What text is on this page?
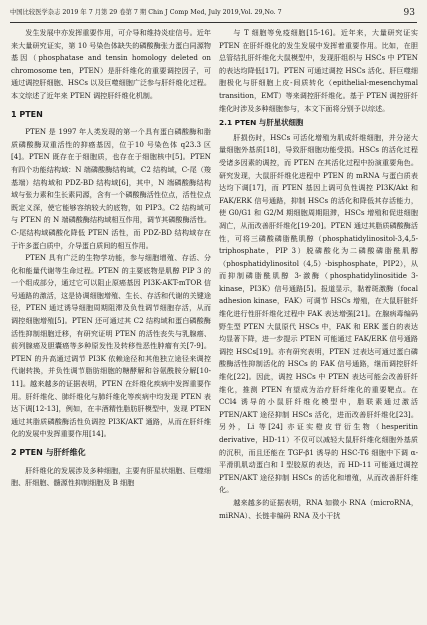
中国比较医学杂志 2019 年 7 月第 29 卷第 7 期 Chin J Comp Med, July 2019,Vol. 29,No. 7	93

发生发展中亦发挥重要作用，可介导和维持炎症信号。近年来大量研究证实，第 10 号染色体缺失的磷酸酶张力蛋白同源物基因（phosphatase and tensin homology deleted on chromosome ten，PTEN）是肝纤维化的重要调控因子，可通过调控肝细胞、HSCs 以及巨噬细胞广泛参与肝纤维化过程。本文综述了近年来 PTEN 调控肝纤维化机制。

1 PTEN

PTEN 是 1997 年人类发现的第一个具有蛋白磷酸酶和脂质磷酸酶双重活性的抑癌基因，位于10 号染色体 q23.3 区[4]。PTEN 既存在于细胞质，也存在于细胞核中[5]。PTEN 有四个功能结构域：N 端磷酸酶结构域，C2 结构域，C-尾（羧基端）结构域和 PDZ-BD 结构域[6]，其中，N 端磷酸酶结构域与张力素和生长素同源，含有一个磷酸酶活性位点，活性位点既定义深，使它能够容纳较大的底物，如 PIP3。C2 结构域可与 PTEN 的 N 端磷酸酶结构域相互作用，调节其磷酸酶活性。C-尾结构域磷酸化降低 PTEN 活性，而 PDZ-BD 结构域存在于许多蛋白质中，介导蛋白质间的相互作用。

PTEN 具有广泛的生物学功能，参与细胞增殖、存活、分化和能量代谢等生命过程。PTEN 的主要底物是肌醇 PIP 3 的一个组成部分，通过它可以阻止原癌基因 PI3K-AKT-mTOR 信号通路的激活，这是协调细胞增殖、生长、存活和代谢的关键途径，PTEN 通过诱导细胞周期阻滞及负性调节细胞存活，从而调控细胞增殖[5]。PTEN 还可通过其 C2 结构域和蛋白磷酸酶活性抑制细胞迁移，有研究证明 PTEN 的活性丧失与乳腺癌、前列腺癌及胆囊癌等多种原发性及转移性恶性肿瘤有关[7-9]。PTEN 的升高通过调节 PI3K 依赖途径和其他独立途径来调控代谢转换，并负性调节脂肪细胞的糖酵解和谷氨酰胺分解[10-11]。越来越多的证据表明，PTEN 在纤维化疾病中发挥重要作用。肝纤维化、肺纤维化与肺纤维化等疾病中均发现 PTEN 表达下调[12-13]，例如，在丰酒精性脂肪肝模型中，发现 PTEN 通过其脂质磷酸酶活性负调控 PI3K/AKT 通路，从而在肝纤维化的发展中发挥重要作用[14]。

2 PTEN 与肝纤维化

肝纤维化的发展涉及多种细胞，主要有肝星状细胞、巨噬细胞、肝细胞、髓源性抑制细胞及 B 细胞

与 T 细胞等免疫细胞[15-16]。近年来，大量研究证实 PTEN 在肝纤维化的发生发展中发挥着重要作用。比如，在胆总管结扎肝纤维化大鼠模型中，发现肝组织与 HSCs 中 PTEN 的表达均降低[17]。PTEN 可通过调控 HSCs 活化、肝巨噬细胞极化与肝细胞上皮-间质转化（epithelial-mesenchymal transition，EMT）等来调控肝纤维化。基于 PTEN 调控肝纤维化时涉及多种细胞参与，本文下面将分别予以综述。

2.1 PTEN 与肝星状细胞

肝损伤时，HSCs 可活化增殖为肌成纤维细胞，并分泌大量细胞外基质[18]，导致肝细胞功能受损。HSCs 的活化过程受诸多因素的调控，而 PTEN 在其活化过程中扮演重要角色。研究发现，大鼠肝纤维化进程中 PTEN 的 mRNA 与蛋白质表达均下调[17]，而 PTEN 基因上调可负性调控 PI3K/Akt 和 FAK/ERK 信号通路，抑制 HSCs 的活化和降低其存活能力，使 G0/G1 和 G2/M 期细胞周期阻滞，HSCs 增殖和促进细胞凋亡，从而改善肝纤维化[19-20]。PTEN 通过其脂质磷酸酶活性，可将三磷酸磷脂酰肌醇（phosphatidylinositol-3,4,5-triphosphate，PIP 3）脱磷酸化为二磷酸磷脂酰肌醇（phosphatidylinositol（4,5）-bisphosphate，PIP2），从而抑制磷脂酰肌醇 3-激酶（phosphatidylinositide 3-kinase，PI3K）信号通路[5]。报道显示，黏着斑激酶（focal adhesion kinase，FAK）可调节 HSCs 增殖，在大鼠肝脏纤维化进行性肝纤维化过程中 FAK 表达增强[21]。在腺病毒编码野生型 PTEN 大鼠原代 HSCs 中，FAK 和 ERK 蛋白的表达均显著下降，进一步提示 PTEN 可能通过 FAK/ERK 信号通路调控 HSCs[19]。亦有研究表明，PTEN 过表达可通过蛋白磷酸酶活性抑制活化的 HSCs 的 FAK 信号通路，继而调控肝纤维化[22]。因此，调控 HSCs 中 PTEN 表达可能会改善肝纤维化，推测 PTEN 有望成为治疗肝纤维化的重要靶点。在 CCl4 诱导的小鼠肝纤维化模型中，脂联素通过激活 PTEN/AKT 途径抑制 HSCs 活化，进而改善肝纤维化[23]。另外，Li 等[24] 亦证实橙皮苷衍生物（hesperitin derivative，HD-11）不仅可以减轻大鼠肝纤维化细胞外基质的沉积，而且还能在 TGF-β1 诱导的 HSC-T6 细胞中下调 α-平滑肌肌动蛋白和 I 型胶原的表达，而 HD-11 可能通过调控 PTEN/AKT 途径抑制 HSCs 的活化和增殖，从而改善肝纤维化。

越来越多的证据表明，RNA 如微小 RNA（microRNA，miRNA）、长链非编码 RNA 及小干扰
